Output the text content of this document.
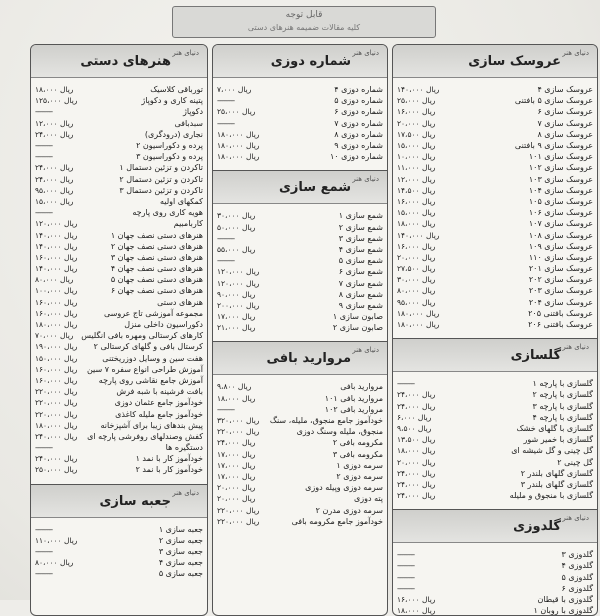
قابل توجه
کلیه مقالات ضمیمه هنرهای دستی
دنیای هنر
عروسک سازی
عروسک سازی ۴
۱۴۰،۰۰۰ ریال
عروسک سازی ۵ بافتنی
۲۵،۰۰۰ ریال
عروسک سازی ۶
۱۶،۰۰۰ ریال
عروسک سازی ۷
۲۰،۰۰۰ ریال
عروسک سازی ۸
۱۷،۵۰۰ ریال
عروسک سازی ۹ بافتنی
۱۵،۰۰۰ ریال
عروسک سازی ۱۰۱
۱۰،۰۰۰ ریال
عروسک سازی ۱۰۲
۱۱،۰۰۰ ریال
عروسک سازی ۱۰۳
۱۲،۰۰۰ ریال
عروسک سازی ۱۰۴
۱۴،۵۰۰ ریال
عروسک سازی ۱۰۵
۱۶،۰۰۰ ریال
عروسک سازی ۱۰۶
۱۵،۰۰۰ ریال
عروسک سازی ۱۰۷
۱۸،۰۰۰ ریال
عروسک سازی ۱۰۸
۱۴۰،۰۰۰ ریال
عروسک سازی ۱۰۹
۱۶،۰۰۰ ریال
عروسک سازی ۱۱۰
۲۰،۰۰۰ ریال
عروسک سازی ۲۰۱
۲۷،۵۰۰ ریال
عروسک سازی ۲۰۲
۳۰،۰۰۰ ریال
عروسک سازی ۲۰۳
۸۰،۰۰۰ ریال
عروسک سازی ۲۰۴
۹۵،۰۰۰ ریال
عروسک بافتنی ۲۰۵
۱۸۰،۰۰۰ ریال
عروسک بافتنی ۲۰۶
۱۸۰،۰۰۰ ریال
دنیای هنر
گلسازی
گلسازی با پارچه ۱
----------
گلسازی با پارچه ۲
۲۴،۰۰۰ ریال
گلسازی با پارچه ۳
۲۴،۰۰۰ ریال
گلسازی با پارچه ۴
۶،۰۰۰ ریال
گلسازی با گلهای خشک
۹،۵۰۰ ریال
گلسازی با خمیر شور
۱۳،۵۰۰ ریال
گل چینی و گل شیشه ای
۱۸،۰۰۰ ریال
گل چینی ۲
۲۰،۰۰۰ ریال
گلسازی گلهای بلندر ۲
۲۴،۰۰۰ ریال
گلسازی گلهای بلندر ۳
۲۴،۰۰۰ ریال
گلسازی با منجوق و ملیله
۲۴،۰۰۰ ریال
دنیای هنر
گلدوزی
گلدوزی ۳
----------
گلدوزی ۴
----------
گلدوزی ۵
----------
گلدوزی ۶
----------
گلدوزی با قیطان
۱۶،۰۰۰ ریال
گلدوزی با روبان ۱
۱۸،۰۰۰ ریال
دنیای هنر
شماره دوزی
شماره دوزی ۴
۷،۰۰۰ ریال
شماره دوزی ۵
----------
شماره دوزی ۶
۲۵،۰۰۰ ریال
شماره دوزی ۷
----------
شماره دوزی ۸
۱۸۰،۰۰۰ ریال
شماره دوزی ۹
۱۸۰،۰۰۰ ریال
شماره دوزی ۱۰
۱۸۰،۰۰۰ ریال
دنیای هنر
شمع سازی
شمع سازی ۱
۳۰،۰۰۰ ریال
شمع سازی ۲
۵۰،۰۰۰ ریال
شمع سازی ۳
----------
شمع سازی ۴
۵۵،۰۰۰ ریال
شمع سازی ۵
----------
شمع سازی ۶
۱۲۰،۰۰۰ ریال
شمع سازی ۷
۱۲۰،۰۰۰ ریال
شمع سازی ۸
۹۰،۰۰۰ ریال
شمع سازی ۹
۲۰۰،۰۰۰ ریال
صابون سازی ۱
۱۷،۰۰۰ ریال
صابون سازی ۲
۲۱،۰۰۰ ریال
دنیای هنر
مروارید بافی
مروارید بافی
۹،۸۰۰ ریال
مروارید بافی ۱۰۱
۱۸،۰۰۰ ریال
مروارید بافی ۱۰۲
----------
خودآموز جامع منجوق، ملیله، سنگ
۳۲۰،۰۰۰ ریال
منجوق، ملیله وسنگ دوزی
۲۲۰،۰۰۰ ریال
مکرومه بافی ۲
۲۴،۰۰۰ ریال
مکرومه بافی ۳
۱۷،۰۰۰ ریال
سرمه دوزی ۱
۱۷،۰۰۰ ریال
سرمه دوزی ۲
۱۷،۰۰۰ ریال
سرمه دوزی وپیله دوزی
۲۰،۰۰۰ ریال
پته دوزی
۲۰،۰۰۰ ریال
سرمه دوزی مدرن ۲
۲۲۰،۰۰۰ ریال
خودآموز جامع مکرومه بافی
۲۲۰،۰۰۰ ریال
دنیای هنر
هنرهای دستی
تورباقی کلاسیک
۱۸،۰۰۰ ریال
پتینه کاری و دکوپاژ
۱۲۵،۰۰۰ ریال
دکوپاژ
----------
سبدبافی
۱۲،۰۰۰ ریال
نجاری (درودگری)
۲۴،۰۰۰ ریال
پرده و دکوراسیون ۲
----------
پرده و دکوراسیون ۳
----------
تاکردن و تزئین دستمال ۱
۲۴،۰۰۰ ریال
تاکردن و تزئین دستمال ۲
۲۴،۰۰۰ ریال
تاکردن و تزئین دستمال ۳
۹۵،۰۰۰ ریال
کمکهای اولیه
۱۵،۰۰۰ ریال
هویه کاری روی پارچه
----------
کاربامبیم
۱۲۰،۰۰۰ ریال
هنرهای دستی نصف جهان ۱
۱۴۰،۰۰۰ ریال
هنرهای دستی نصف جهان ۲
۱۴۰،۰۰۰ ریال
هنرهای دستی نصف جهان ۳
۱۶۰،۰۰۰ ریال
هنرهای دستی نصف جهان ۴
۱۴۰،۰۰۰ ریال
هنرهای دستی نصف جهان ۵
۸۰،۰۰۰ ریال
هنرهای دستی نصف جهان ۶
۱۰۰،۰۰۰ ریال
هنرهای دستی
۱۶۰،۰۰۰ ریال
مجموعه آموزشی تاج عروسی
۱۶۰،۰۰۰ ریال
دکوراسیون داخلی منزل
۱۸۰،۰۰۰ ریال
کارهای کرستالی ومهره بافی انگلیس
۷۰،۰۰۰ ریال
کرستال بافی و گلهای کرستالی ۲
۱۹۰،۰۰۰ ریال
هفت سین و وسایل دوزریختنی
۱۵۰،۰۰۰ ریال
آموزش طراحی انواع سفره ۷ سین
۱۶۰،۰۰۰ ریال
آموزش جامع نقاشی روی پارچه
۱۶۰،۰۰۰ ریال
بافت فرشینه با شبه فرش
۲۲۰،۰۰۰ ریال
خودآموز جامع عثمان دوزی
۲۲۰،۰۰۰ ریال
خودآموز جامع ملیله کاغذی
۲۲۰،۰۰۰ ریال
پیش بندهای زیبا برای آشپزخانه
۱۸۰،۰۰۰ ریال
کفش وصندلهای روفرشی پارچه ای
۲۴۰،۰۰۰ ریال
دستگیره ها
----------
خودآموز کار با نمد ۱
۲۴۰،۰۰۰ ریال
خودآموز کار با نمد ۲
۲۵۰،۰۰۰ ریال
دنیای هنر
جعبه سازی
جعبه سازی ۱
----------
جعبه سازی ۲
۱۱۰،۰۰۰ ریال
جعبه سازی ۳
----------
جعبه سازی ۴
۸۰،۰۰۰ ریال
جعبه سازی ۵
----------
